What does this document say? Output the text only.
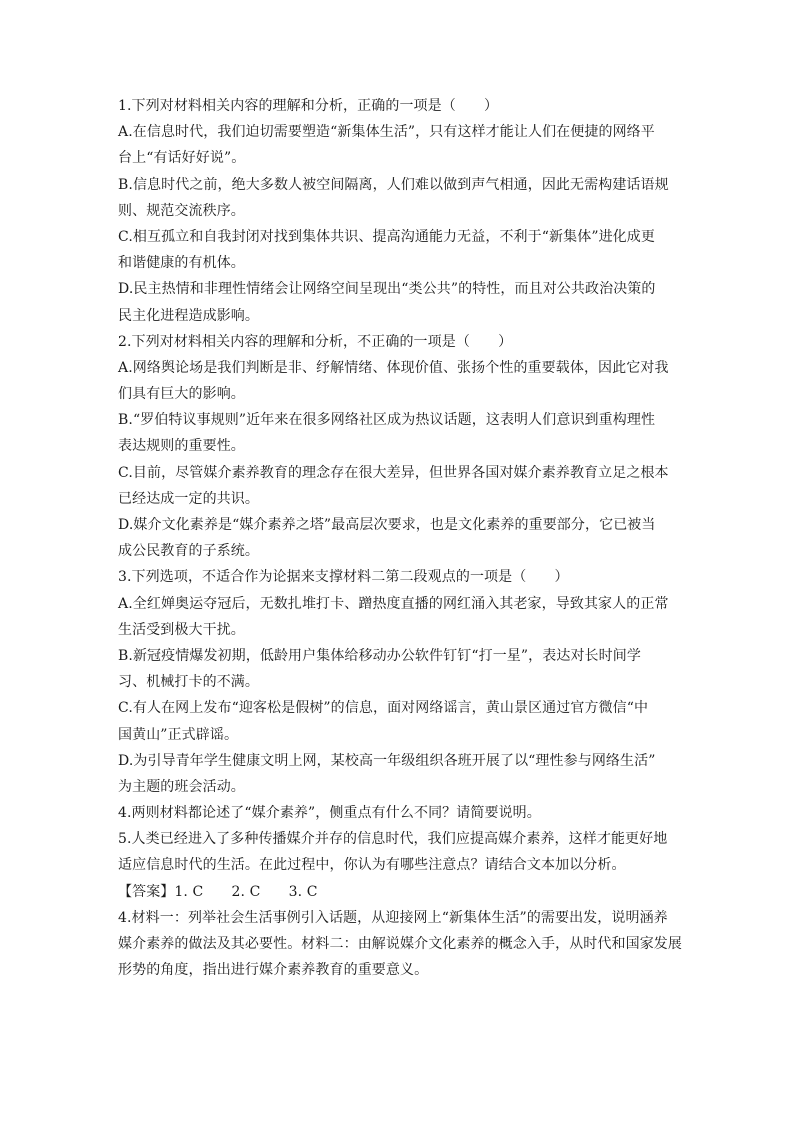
1.下列对材料相关内容的理解和分析，正确的一项是（　　）
A.在信息时代，我们迫切需要塑造“新集体生活”，只有这样才能让人们在便捷的网络平
台上“有话好好说”。
B.信息时代之前，绝大多数人被空间隔离，人们难以做到声气相通，因此无需构建话语规
则、规范交流秩序。
C.相互孤立和自我封闭对找到集体共识、提高沟通能力无益，不利于“新集体”进化成更
和谐健康的有机体。
D.民主热情和非理性情绪会让网络空间呈现出“类公共”的特性，而且对公共政治决策的
民主化进程造成影响。
2.下列对材料相关内容的理解和分析，不正确的一项是（　　）
A.网络舆论场是我们判断是非、纾解情绪、体现价值、张扬个性的重要载体，因此它对我
们具有巨大的影响。
B.“罗伯特议事规则”近年来在很多网络社区成为热议话题，这表明人们意识到重构理性
表达规则的重要性。
C.目前，尽管媒介素养教育的理念存在很大差异，但世界各国对媒介素养教育立足之根本
已经达成一定的共识。
D.媒介文化素养是“媒介素养之塔”最高层次要求，也是文化素养的重要部分，它已被当
成公民教育的子系统。
3.下列选项，不适合作为论据来支撑材料二第二段观点的一项是（　　）
A.全红婵奥运夺冠后，无数扎堆打卡、蹭热度直播的网红涌入其老家，导致其家人的正常
生活受到极大干扰。
B.新冠疫情爆发初期，低龄用户集体给移动办公软件钉钉“打一星”，表达对长时间学
习、机械打卡的不满。
C.有人在网上发布“迎客松是假树”的信息，面对网络谣言，黄山景区通过官方微信“中
国黄山”正式辟谣。
D.为引导青年学生健康文明上网，某校高一年级组织各班开展了以“理性参与网络生活”
为主题的班会活动。
4.两则材料都论述了“媒介素养”，侧重点有什么不同？请简要说明。
5.人类已经进入了多种传播媒介并存的信息时代，我们应提高媒介素养，这样才能更好地
适应信息时代的生活。在此过程中，你认为有哪些注意点？请结合文本加以分析。
【答案】1. C　　2. C　　3. C
4.材料一：列举社会生活事例引入话题，从迎接网上“新集体生活”的需要出发，说明涵养
媒介素养的做法及其必要性。材料二：由解说媒介文化素养的概念入手，从时代和国家发展
形势的角度，指出进行媒介素养教育的重要意义。
